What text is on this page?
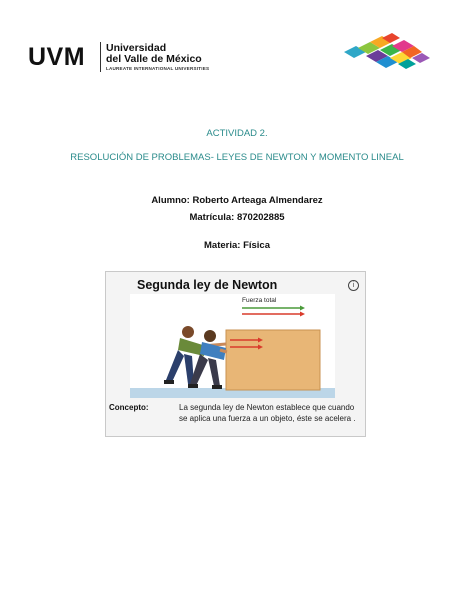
UVM Universidad
del Valle de México
LAUREATE INTERNATIONAL UNIVERSITIES
ACTIVIDAD 2.
RESOLUCIÓN DE PROBLEMAS- LEYES DE NEWTON Y MOMENTO LINEAL
Alumno: Roberto Arteaga Almendarez
Matrícula: 870202885
Materia: Física
Segunda ley de Newton	i
Fuerza total
Concepto:	La segunda ley de Newton establece que cuando se aplica una fuerza a un objeto, éste se acelera .
